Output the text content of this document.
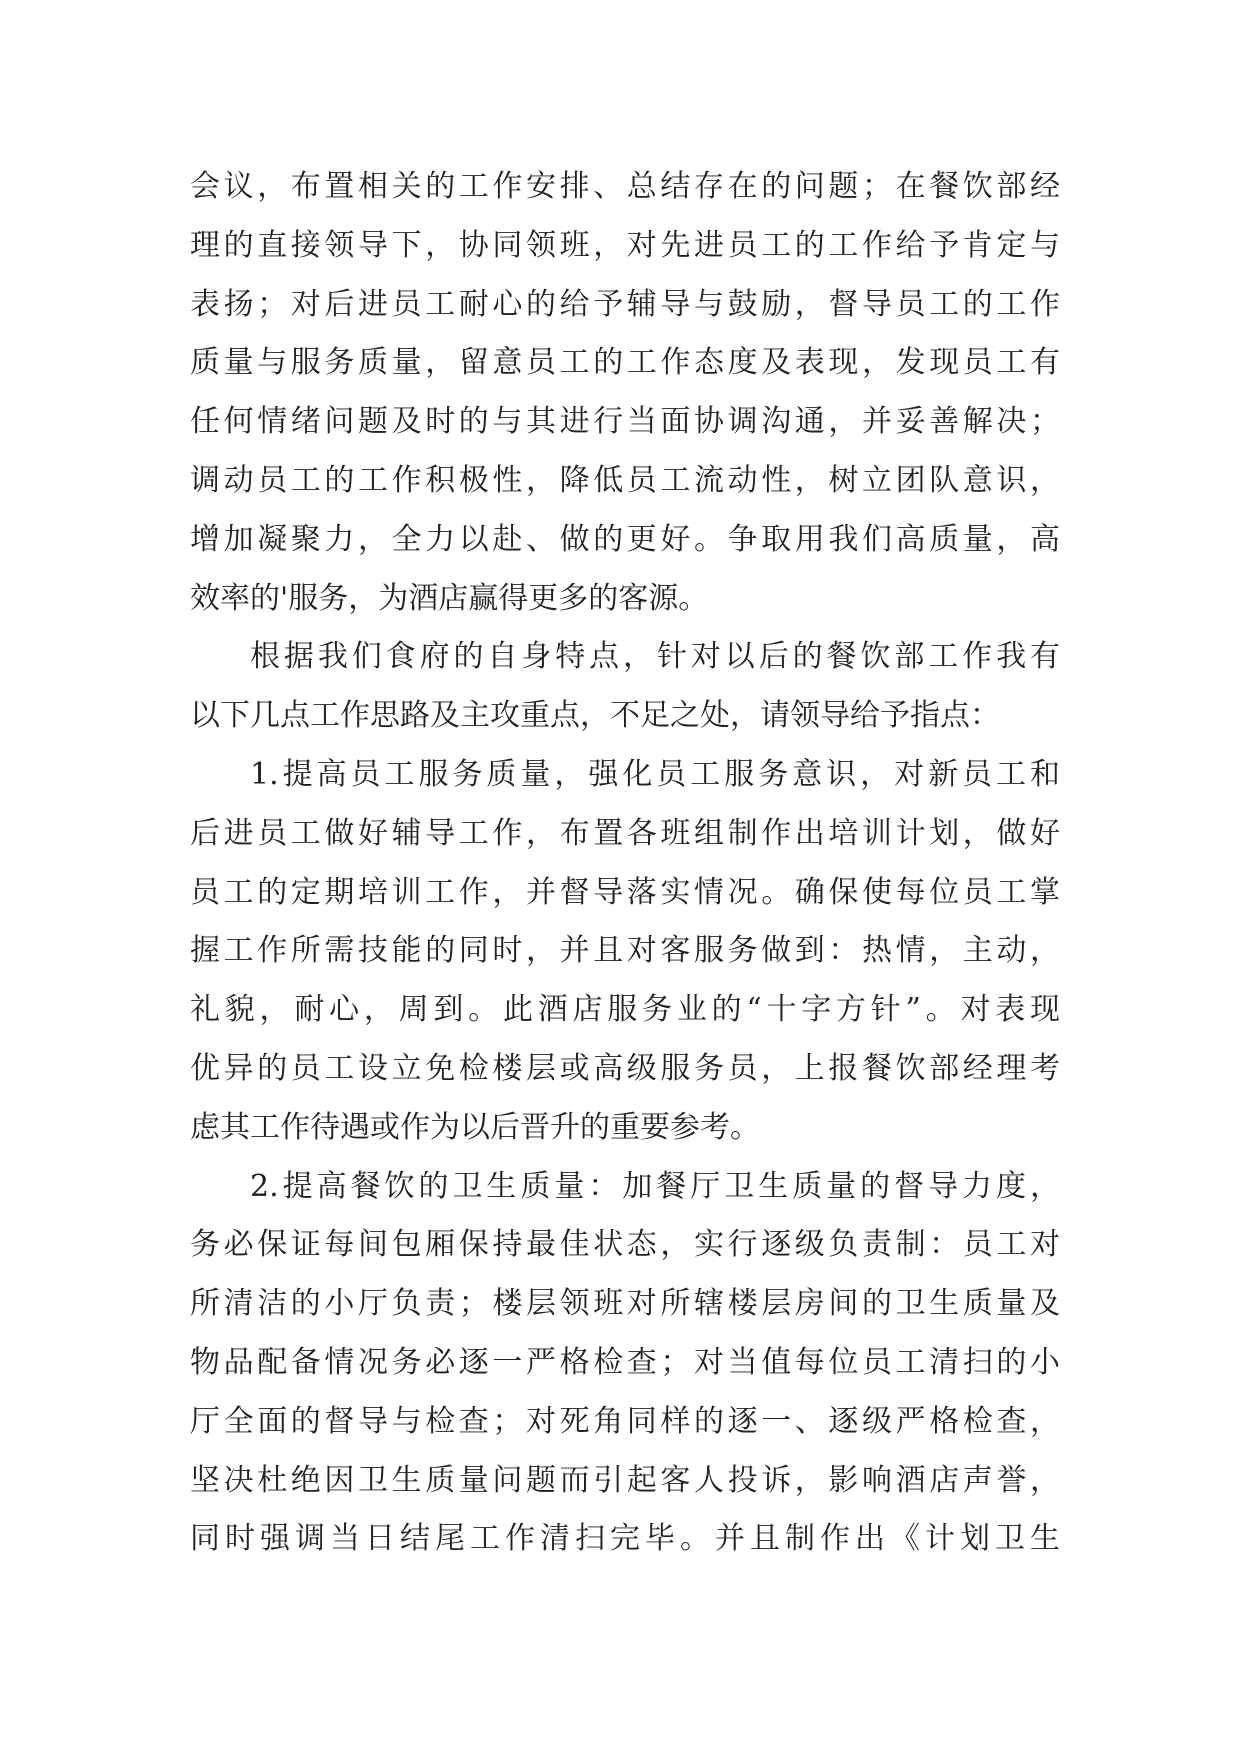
会议，布置相关的工作安排、总结存在的问题；在餐饮部经
理的直接领导下，协同领班，对先进员工的工作给予肯定与
表扬；对后进员工耐心的给予辅导与鼓励，督导员工的工作
质量与服务质量，留意员工的工作态度及表现，发现员工有
任何情绪问题及时的与其进行当面协调沟通，并妥善解决；
调动员工的工作积极性，降低员工流动性，树立团队意识，
增加凝聚力，全力以赴、做的更好。争取用我们高质量，高
效率的'服务，为酒店赢得更多的客源。
根据我们食府的自身特点，针对以后的餐饮部工作我有
以下几点工作思路及主攻重点，不足之处，请领导给予指点：
1.提高员工服务质量，强化员工服务意识，对新员工和
后进员工做好辅导工作，布置各班组制作出培训计划，做好
员工的定期培训工作，并督导落实情况。确保使每位员工掌
握工作所需技能的同时，并且对客服务做到：热情，主动，
礼貌，耐心，周到。此酒店服务业的“十字方针”。对表现
优异的员工设立免检楼层或高级服务员，上报餐饮部经理考
虑其工作待遇或作为以后晋升的重要参考。
2.提高餐饮的卫生质量：加餐厅卫生质量的督导力度，
务必保证每间包厢保持最佳状态，实行逐级负责制：员工对
所清洁的小厅负责；楼层领班对所辖楼层房间的卫生质量及
物品配备情况务必逐一严格检查；对当值每位员工清扫的小
厅全面的督导与检查；对死角同样的逐一、逐级严格检查，
坚决杜绝因卫生质量问题而引起客人投诉，影响酒店声誉，
同时强调当日结尾工作清扫完毕。并且制作出《计划卫生
